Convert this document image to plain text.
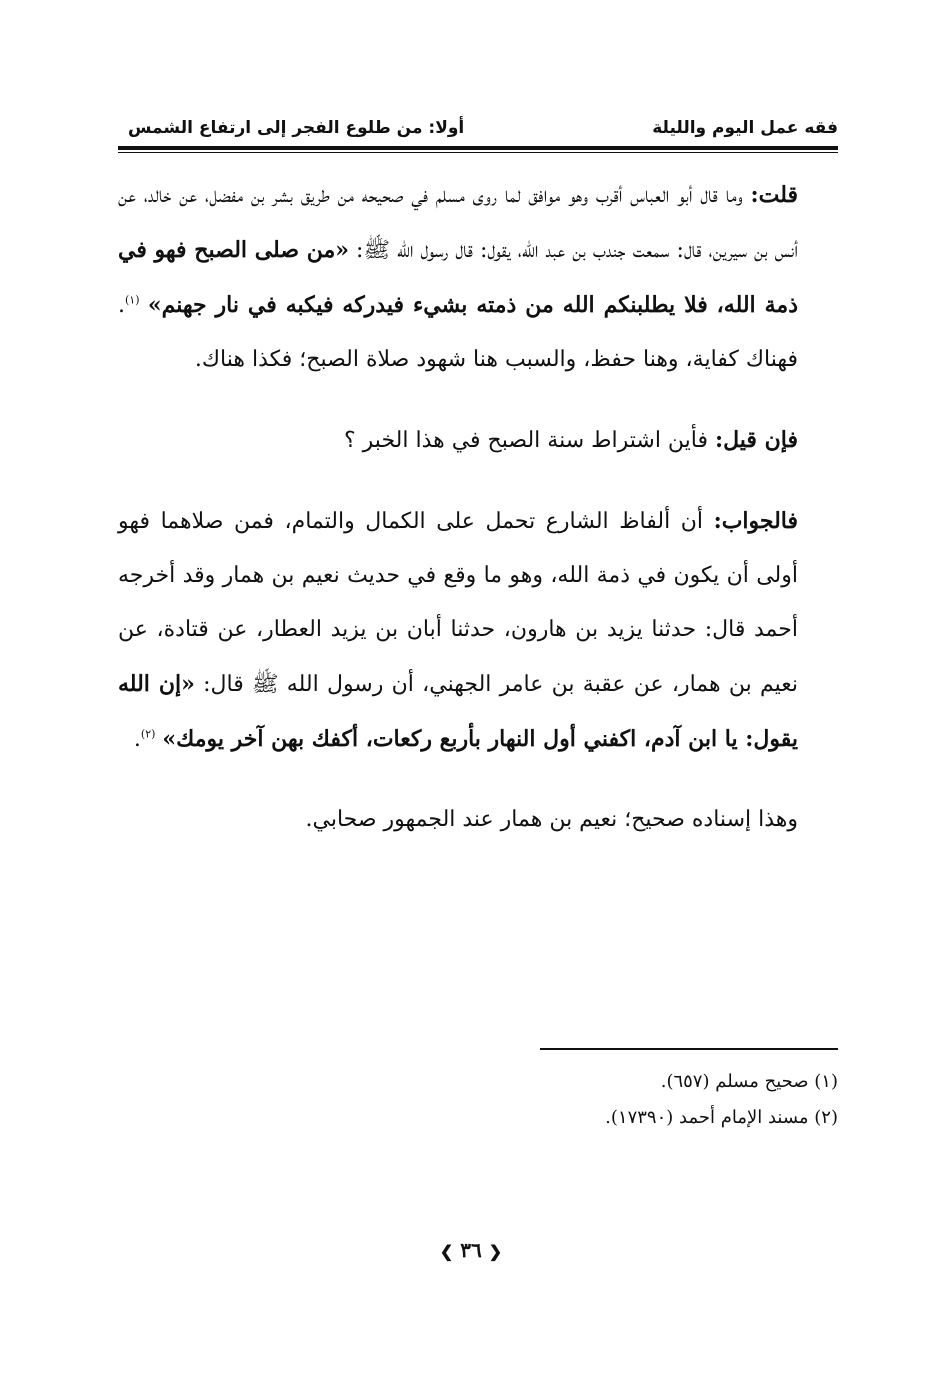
فقه عمل اليوم والليلة
أولا: من طلوع الفجر إلى ارتفاع الشمس

قلت: وما قال أبو العباس أقرب وهو موافق لما روى مسلم في صحيحه من طريق بشر بن مفضل، عن خالد، عن أنس بن سيرين، قال: سمعت جندب بن عبد الله، يقول: قال رسول الله ﷺ: «من صلى الصبح فهو في ذمة الله، فلا يطلبنكم الله من ذمته بشيء فيدركه فيكبه في نار جهنم» $^{(١)}$. فهناك كفاية، وهنا حفظ، والسبب هنا شهود صلاة الصبح؛ فكذا هناك.

فإن قيل: فأين اشتراط سنة الصبح في هذا الخبر ؟

فالجواب: أن ألفاظ الشارع تحمل على الكمال والتمام، فمن صلاهما فهو أولى أن يكون في ذمة الله، وهو ما وقع في حديث نعيم بن همار وقد أخرجه أحمد قال: حدثنا يزيد بن هارون، حدثنا أبان بن يزيد العطار، عن قتادة، عن نعيم بن همار، عن عقبة بن عامر الجهني، أن رسول الله ﷺ قال: «إن الله يقول: يا ابن آدم، اكفني أول النهار بأربع ركعات، أكفك بهن آخر يومك» $^{(٢)}$.

وهذا إسناده صحيح؛ نعيم بن همار عند الجمهور صحابي.

(١) صحيح مسلم (٦٥٧).

(٢) مسند الإمام أحمد (١٧٣٩٠).

❮ ٣٦ ❯
